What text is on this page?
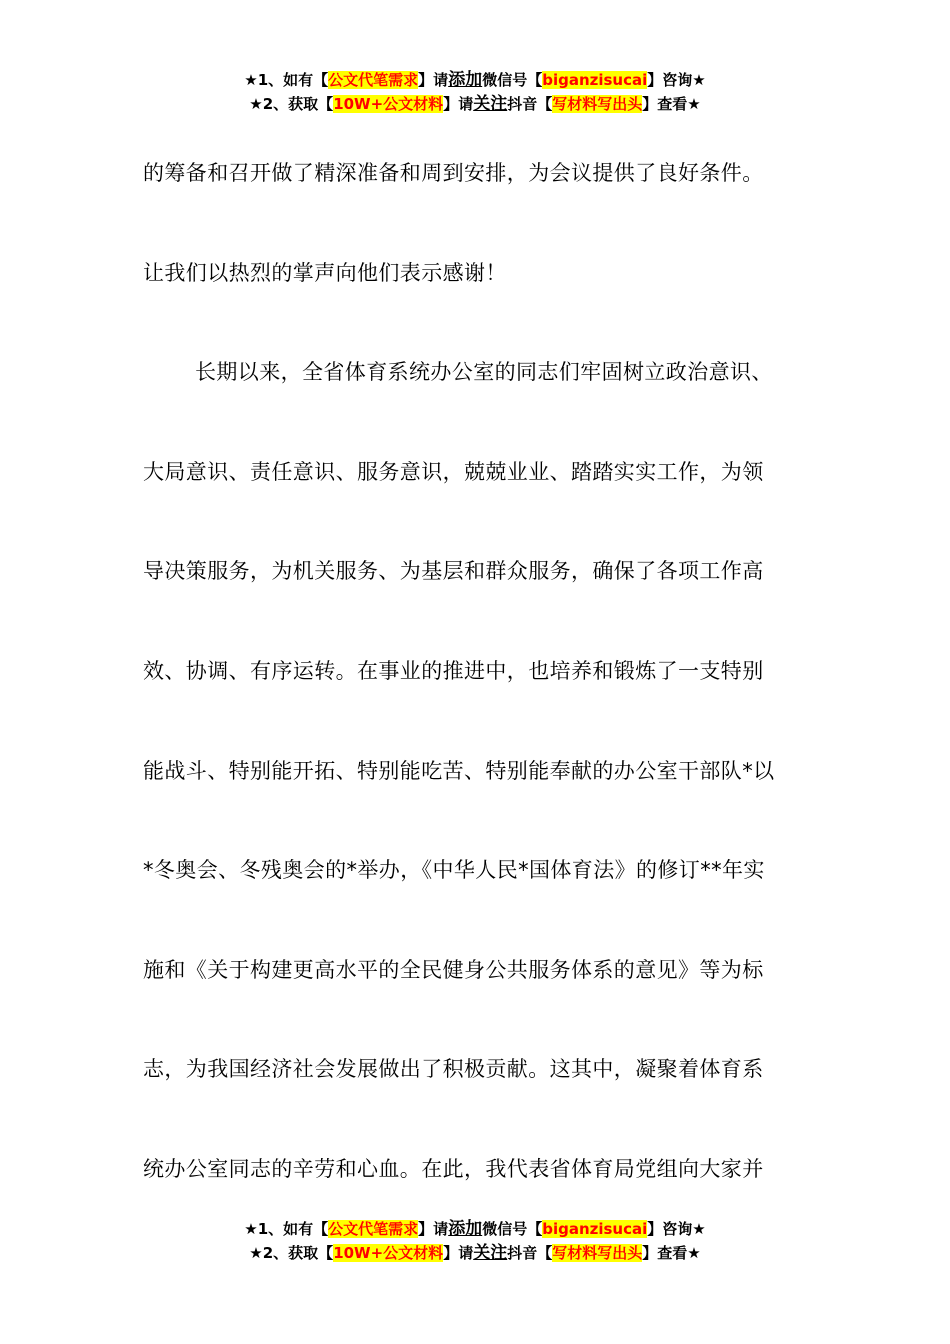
★1、如有【公文代笔需求】请添加微信号【biganzisucai】咨询★
★2、获取【10W+公文材料】请关注抖音【写材料写出头】查看★
的筹备和召开做了精深准备和周到安排，为会议提供了良好条件。
让我们以热烈的掌声向他们表示感谢！
长期以来，全省体育系统办公室的同志们牢固树立政治意识、
大局意识、责任意识、服务意识，兢兢业业、踏踏实实工作，为领
导决策服务，为机关服务、为基层和群众服务，确保了各项工作高
效、协调、有序运转。在事业的推进中，也培养和锻炼了一支特别
能战斗、特别能开拓、特别能吃苦、特别能奉献的办公室干部队*以
*冬奥会、冬残奥会的*举办，《中华人民*国体育法》的修订**年实
施和《关于构建更高水平的全民健身公共服务体系的意见》等为标
志，为我国经济社会发展做出了积极贡献。这其中，凝聚着体育系
统办公室同志的辛劳和心血。在此，我代表省体育局党组向大家并
★1、如有【公文代笔需求】请添加微信号【biganzisucai】咨询★
★2、获取【10W+公文材料】请关注抖音【写材料写出头】查看★
